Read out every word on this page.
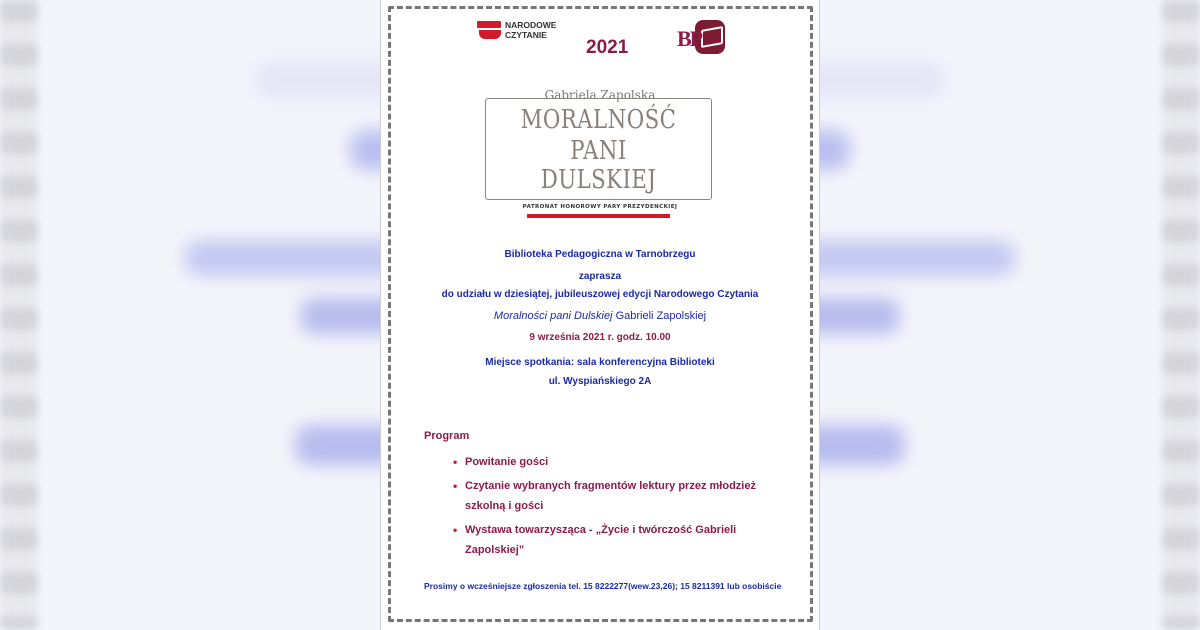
NARODOWE
CZYTANIE
2021 BP
Gabriela Zapolska
MORALNOŚĆ
PANI
DULSKIEJ
PATRONAT HONOROWY PARY PREZYDENCKIEJ
Biblioteka Pedagogiczna w Tarnobrzegu
zaprasza
do udziału w dziesiątej, jubileuszowej edycji Narodowego Czytania
Moralności pani Dulskiej Gabrieli Zapolskiej
9 września 2021 r. godz. 10.00
Miejsce spotkania: sala konferencyjna Biblioteki
ul. Wyspiańskiego 2A
Program
• Powitanie gości
• Czytanie wybranych fragmentów lektury przez młodzież szkolną i gości
• Wystawa towarzysząca - „Życie i twórczość Gabrieli Zapolskiej”
Prosimy o wcześniejsze zgłoszenia tel. 15 8222277(wew.23,26); 15 8211391 lub osobiście
